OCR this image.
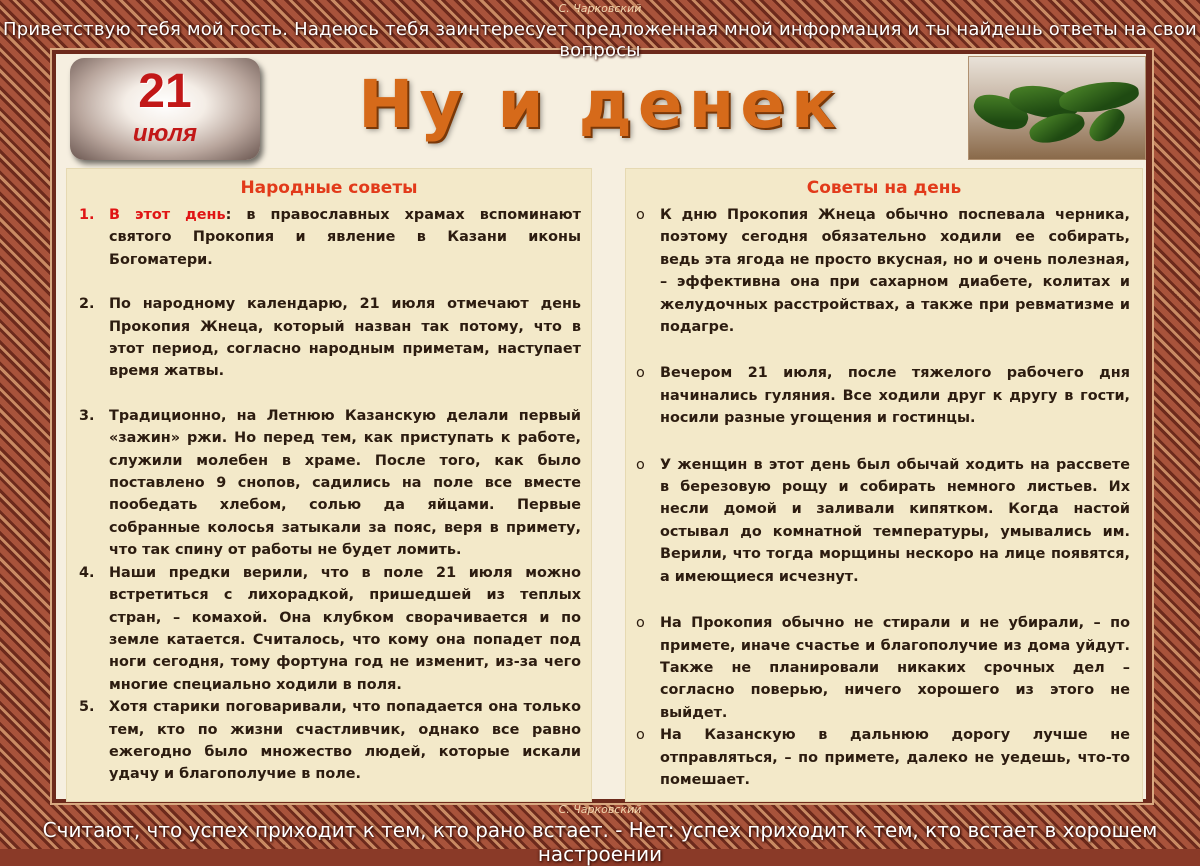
С. Чарковский
Приветствую тебя мой гость. Надеюсь тебя заинтересует предложенная мной информация и ты найдешь ответы на свои вопросы
21
июля	Ну и денек
Народные советы
1. В этот день: в православных храмах вспоминают святого Прокопия и явление в Казани иконы Богоматери.
2. По народному календарю, 21 июля отмечают день Прокопия Жнеца, который назван так потому, что в этот период, согласно народным приметам, наступает время жатвы.
3. Традиционно, на Летнюю Казанскую делали первый «зажин» ржи. Но перед тем, как приступать к работе, служили молебен в храме. После того, как было поставлено 9 снопов, садились на поле все вместе пообедать хлебом, солью да яйцами. Первые собранные колосья затыкали за пояс, веря в примету, что так спину от работы не будет ломить.
4. Наши предки верили, что в поле 21 июля можно встретиться с лихорадкой, пришедшей из теплых стран, – комахой. Она клубком сворачивается и по земле катается. Считалось, что кому она попадет под ноги сегодня, тому фортуна год не изменит, из-за чего многие специально ходили в поля.
5. Хотя старики поговаривали, что попадается она только тем, кто по жизни счастливчик, однако все равно ежегодно было множество людей, которые искали удачу и благополучие в поле.
Советы на день
o К дню Прокопия Жнеца обычно поспевала черника, поэтому сегодня обязательно ходили ее собирать, ведь эта ягода не просто вкусная, но и очень полезная, – эффективна она при сахарном диабете, колитах и желудочных расстройствах, а также при ревматизме и подагре.
o Вечером 21 июля, после тяжелого рабочего дня начинались гуляния. Все ходили друг к другу в гости, носили разные угощения и гостинцы.
o У женщин в этот день был обычай ходить на рассвете в березовую рощу и собирать немного листьев. Их несли домой и заливали кипятком. Когда настой остывал до комнатной температуры, умывались им. Верили, что тогда морщины нескоро на лице появятся, а имеющиеся исчезнут.
o На Прокопия обычно не стирали и не убирали, – по примете, иначе счастье и благополучие из дома уйдут. Также не планировали никаких срочных дел – согласно поверью, ничего хорошего из этого не выйдет.
o На Казанскую в дальнюю дорогу лучше не отправляться, – по примете, далеко не уедешь, что-то помешает.
С. Чарковский
Считают, что успех приходит к тем, кто рано встает. - Нет: успех приходит к тем, кто встает в хорошем настроении
